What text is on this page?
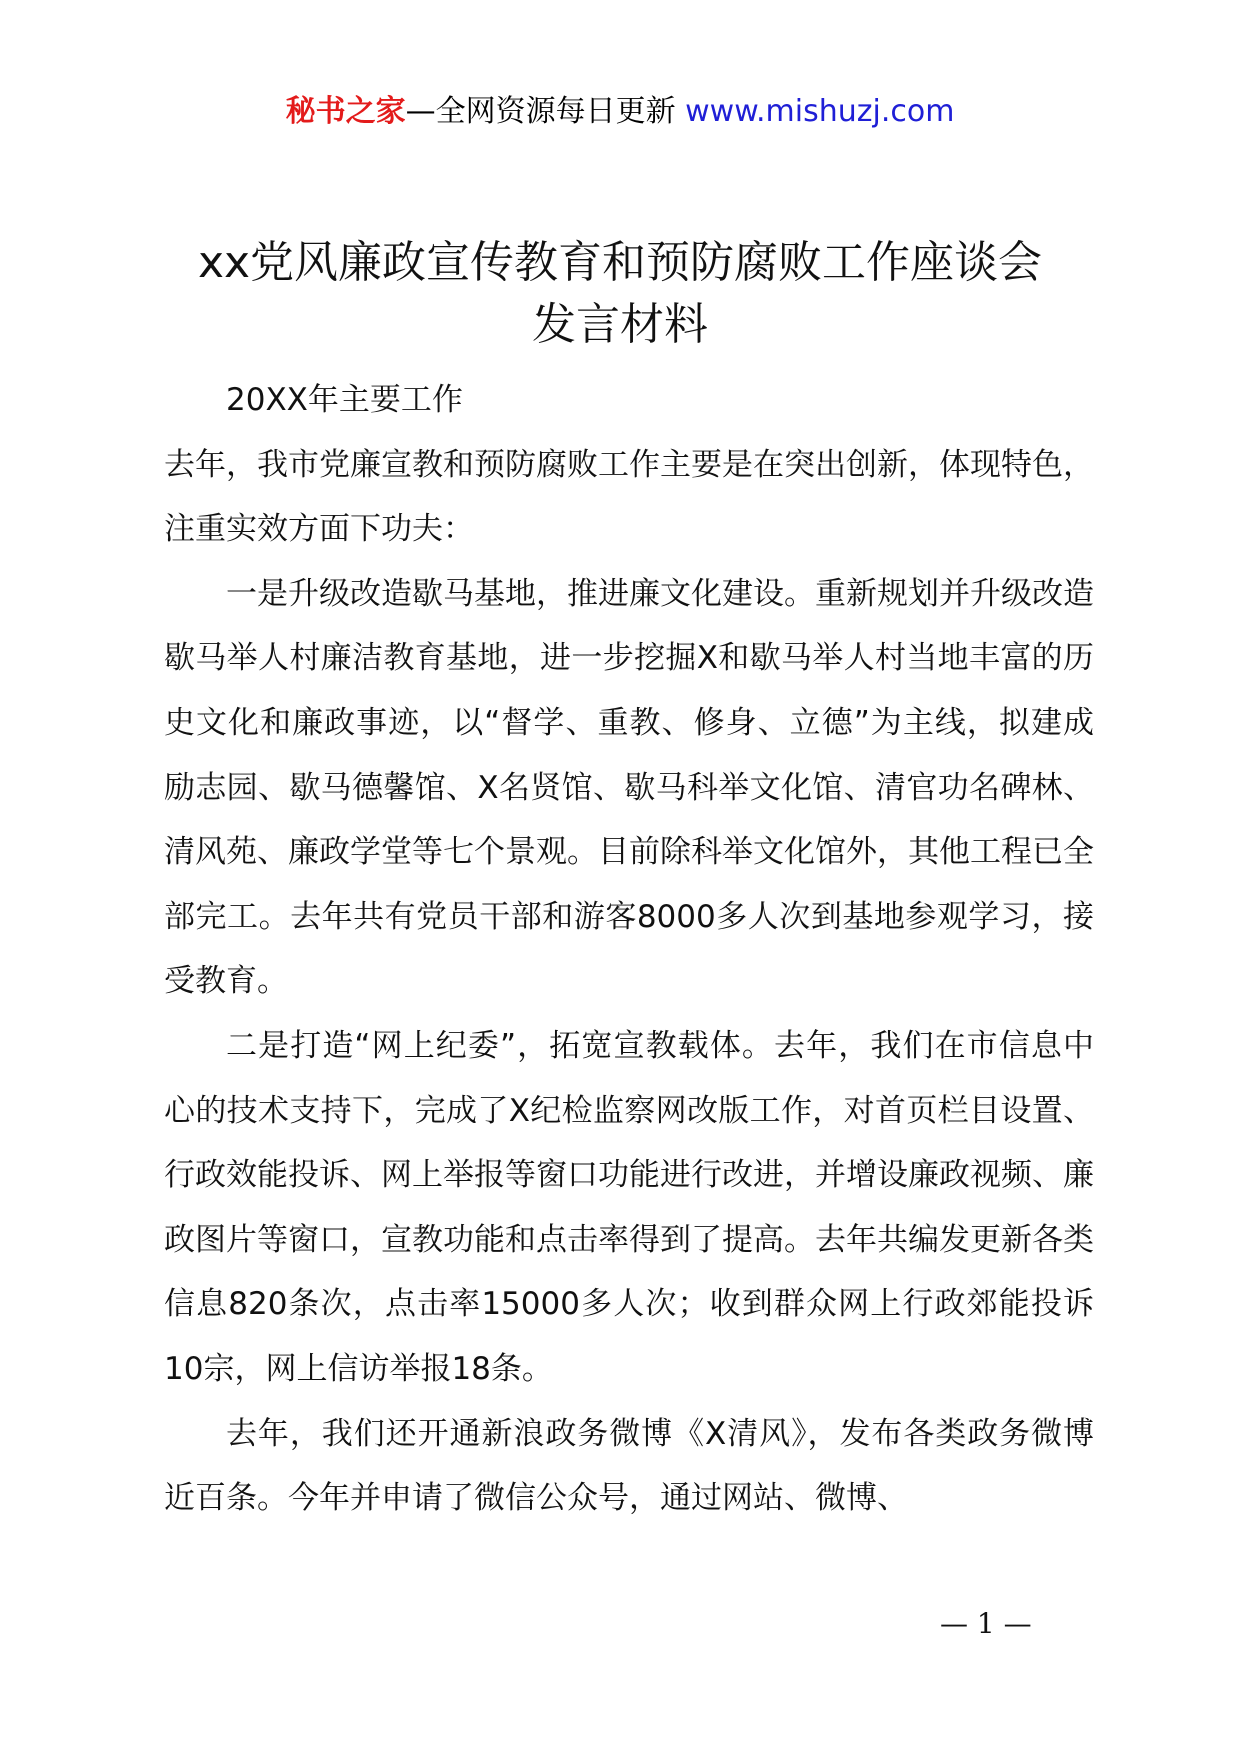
秘书之家—全网资源每日更新 www.mishuzj.com
xx党风廉政宣传教育和预防腐败工作座谈会
发言材料

20XX年主要工作

去年，我市党廉宣教和预防腐败工作主要是在突出创新，体现特色，注重实效方面下功夫：

一是升级改造歇马基地，推进廉文化建设。重新规划并升级改造歇马举人村廉洁教育基地，进一步挖掘X和歇马举人村当地丰富的历史文化和廉政事迹，以“督学、重教、修身、立德”为主线，拟建成励志园、歇马德馨馆、X名贤馆、歇马科举文化馆、清官功名碑林、清风苑、廉政学堂等七个景观。目前除科举文化馆外，其他工程已全部完工。去年共有党员干部和游客8000多人次到基地参观学习，接受教育。

二是打造“网上纪委”，拓宽宣教载体。去年，我们在市信息中心的技术支持下，完成了X纪检监察网改版工作，对首页栏目设置、行政效能投诉、网上举报等窗口功能进行改进，并增设廉政视频、廉政图片等窗口，宣教功能和点击率得到了提高。去年共编发更新各类信息820条次，点击率15000多人次；收到群众网上行政郊能投诉10宗，网上信访举报18条。

去年，我们还开通新浪政务微博《X清风》，发布各类政务微博近百条。今年并申请了微信公众号，通过网站、微博、

— 1 —
